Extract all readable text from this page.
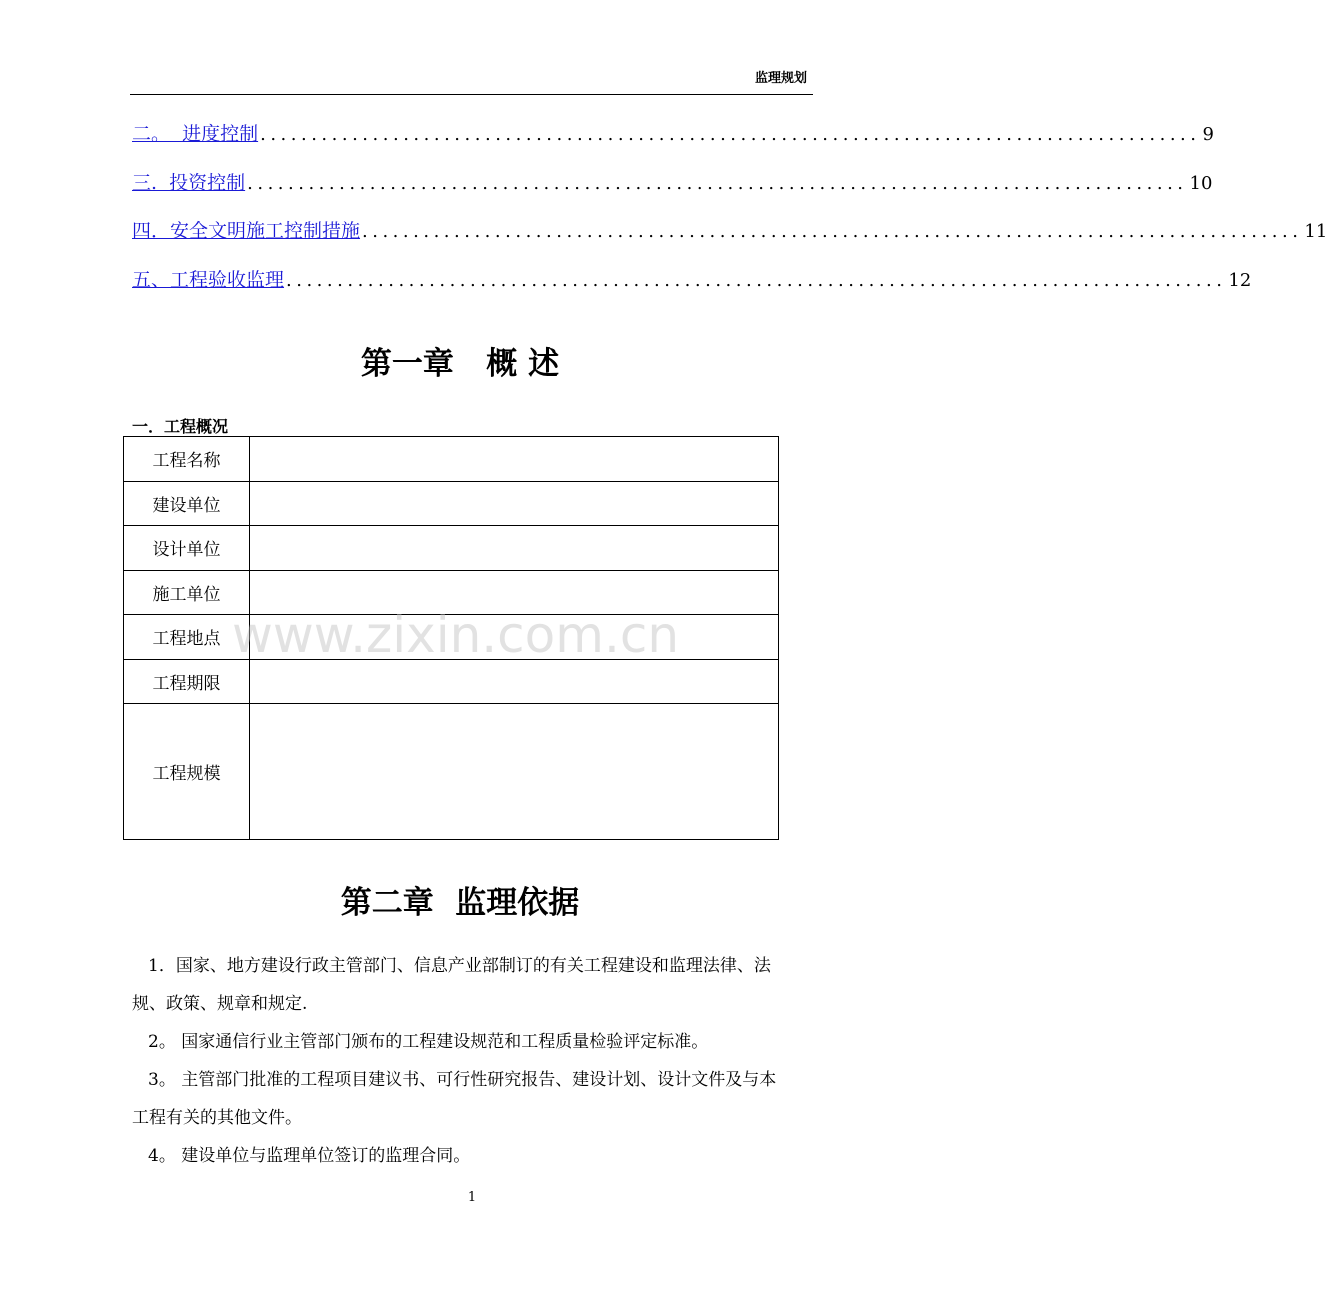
监理规划
二。  进度控制 ............................................................................................ 9
三.  投资控制 ............................................................................................ 10
四．安全文明施工控制措施 ............................................................................................ 11
五、工程验收监理 ............................................................................................ 12
第一章   概 述
一．工程概况
工程名称	
建设单位	
设计单位	
施工单位	
工程地点	
工程期限	
工程规模	
www.zixin.com.cn
第二章  监理依据

1．国家、地方建设行政主管部门、信息产业部制订的有关工程建设和监理法律、法规、政策、规章和规定.

2。 国家通信行业主管部门颁布的工程建设规范和工程质量检验评定标准。

3。 主管部门批准的工程项目建议书、可行性研究报告、建设计划、设计文件及与本工程有关的其他文件。

4。 建设单位与监理单位签订的监理合同。

1
